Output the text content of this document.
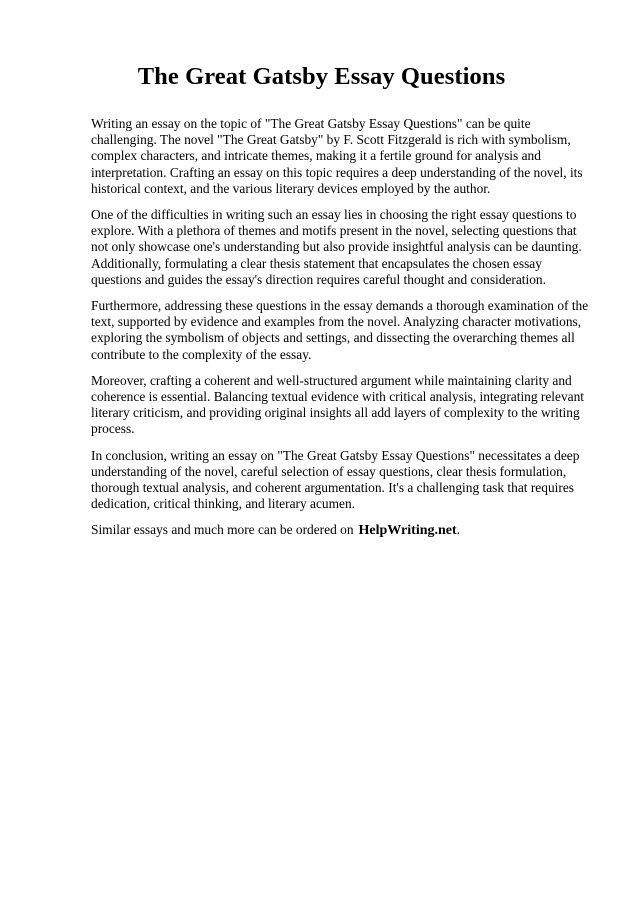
The Great Gatsby Essay Questions

Writing an essay on the topic of "The Great Gatsby Essay Questions" can be quite challenging. The novel "The Great Gatsby" by F. Scott Fitzgerald is rich with symbolism, complex characters, and intricate themes, making it a fertile ground for analysis and interpretation. Crafting an essay on this topic requires a deep understanding of the novel, its historical context, and the various literary devices employed by the author.

One of the difficulties in writing such an essay lies in choosing the right essay questions to explore. With a plethora of themes and motifs present in the novel, selecting questions that not only showcase one's understanding but also provide insightful analysis can be daunting. Additionally, formulating a clear thesis statement that encapsulates the chosen essay questions and guides the essay's direction requires careful thought and consideration.

Furthermore, addressing these questions in the essay demands a thorough examination of the text, supported by evidence and examples from the novel. Analyzing character motivations, exploring the symbolism of objects and settings, and dissecting the overarching themes all contribute to the complexity of the essay.

Moreover, crafting a coherent and well-structured argument while maintaining clarity and coherence is essential. Balancing textual evidence with critical analysis, integrating relevant literary criticism, and providing original insights all add layers of complexity to the writing process.

In conclusion, writing an essay on "The Great Gatsby Essay Questions" necessitates a deep understanding of the novel, careful selection of essay questions, clear thesis formulation, thorough textual analysis, and coherent argumentation. It's a challenging task that requires dedication, critical thinking, and literary acumen.

Similar essays and much more can be ordered on HelpWriting.net.
